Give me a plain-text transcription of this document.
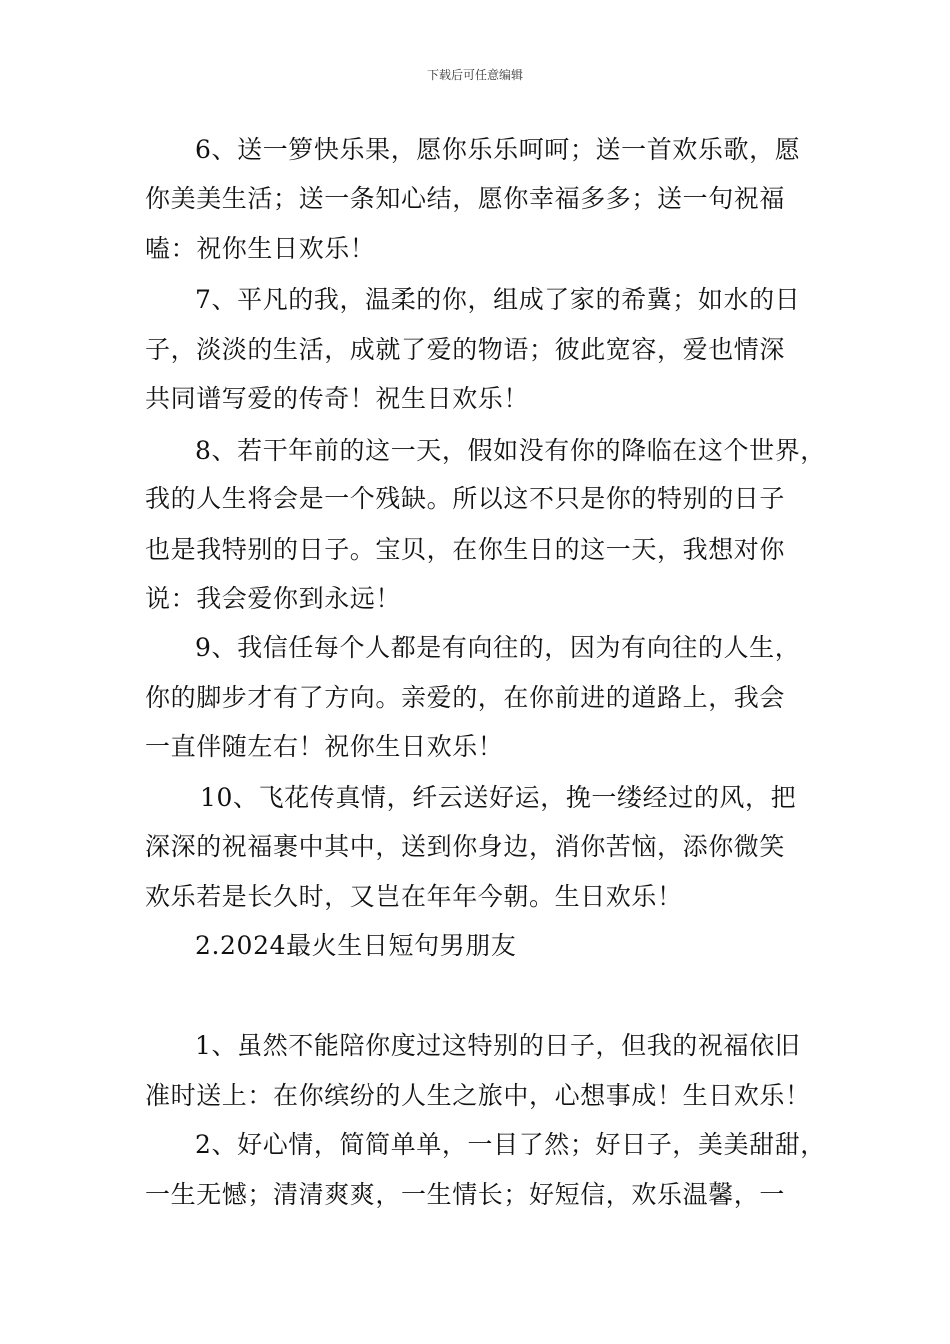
下载后可任意编辑
6、送一箩快乐果，愿你乐乐呵呵；送一首欢乐歌，愿
你美美生活；送一条知心结，愿你幸福多多；送一句祝福
嗑：祝你生日欢乐！
7、平凡的我，温柔的你，组成了家的希冀；如水的日
子，淡淡的生活，成就了爱的物语；彼此宽容，爱也情深
共同谱写爱的传奇！祝生日欢乐！
8、若干年前的这一天，假如没有你的降临在这个世界，
我的人生将会是一个残缺。所以这不只是你的特别的日子
也是我特别的日子。宝贝，在你生日的这一天，我想对你
说：我会爱你到永远！
9、我信任每个人都是有向往的，因为有向往的人生，
你的脚步才有了方向。亲爱的，在你前进的道路上，我会
一直伴随左右！祝你生日欢乐！
10、飞花传真情，纤云送好运，挽一缕经过的风，把
深深的祝福裹中其中，送到你身边，消你苦恼，添你微笑
欢乐若是长久时，又岂在年年今朝。生日欢乐！
2.2024最火生日短句男朋友
1、虽然不能陪你度过这特别的日子，但我的祝福依旧
准时送上：在你缤纷的人生之旅中，心想事成！生日欢乐！
2、好心情，简简单单，一目了然；好日子，美美甜甜，
一生无憾；清清爽爽，一生情长；好短信，欢乐温馨，一
